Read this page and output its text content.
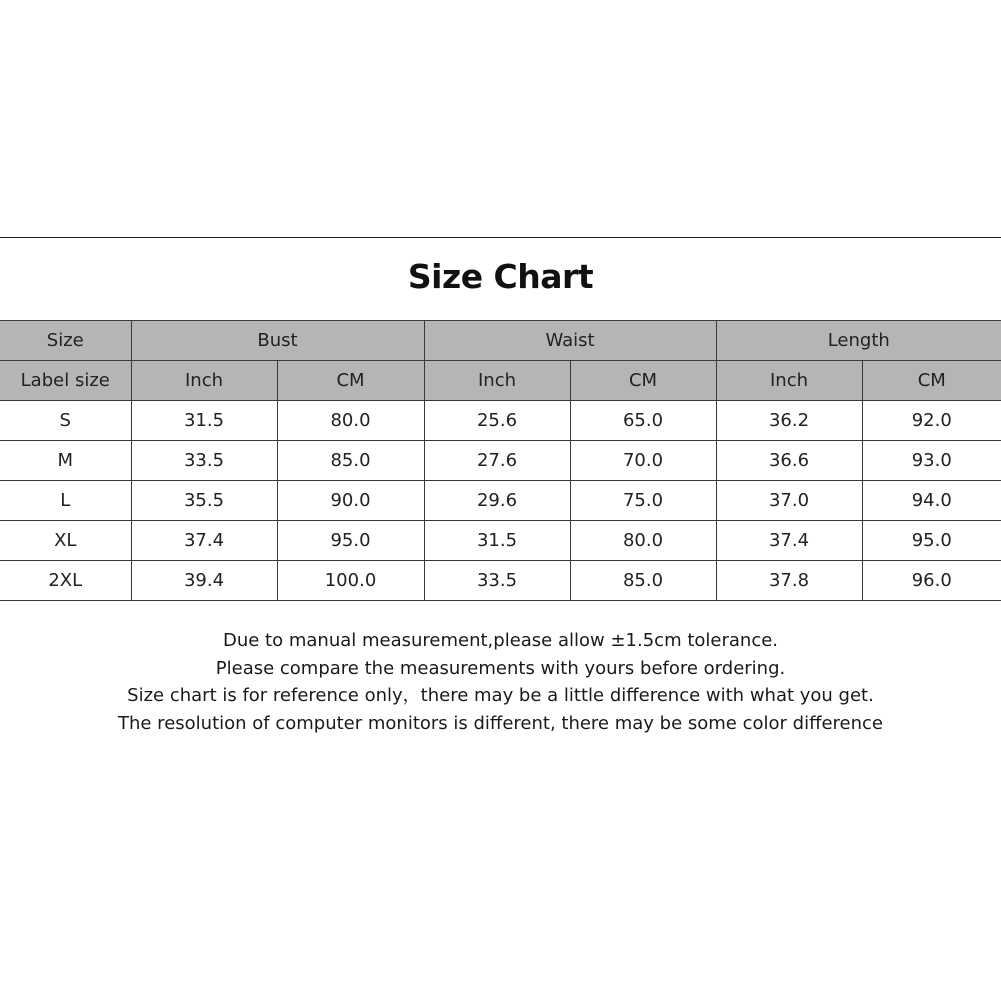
Size Chart
Size	Bust		Waist		Length	
Label size	Inch	CM	Inch	CM	Inch	CM
S	31.5	80.0	25.6	65.0	36.2	92.0
M	33.5	85.0	27.6	70.0	36.6	93.0
L	35.5	90.0	29.6	75.0	37.0	94.0
XL	37.4	95.0	31.5	80.0	37.4	95.0
2XL	39.4	100.0	33.5	85.0	37.8	96.0
Due to manual measurement,please allow ±1.5cm tolerance.
Please compare the measurements with yours before ordering.
Size chart is for reference only，there may be a little difference with what you get.
The resolution of computer monitors is different, there may be some color difference
